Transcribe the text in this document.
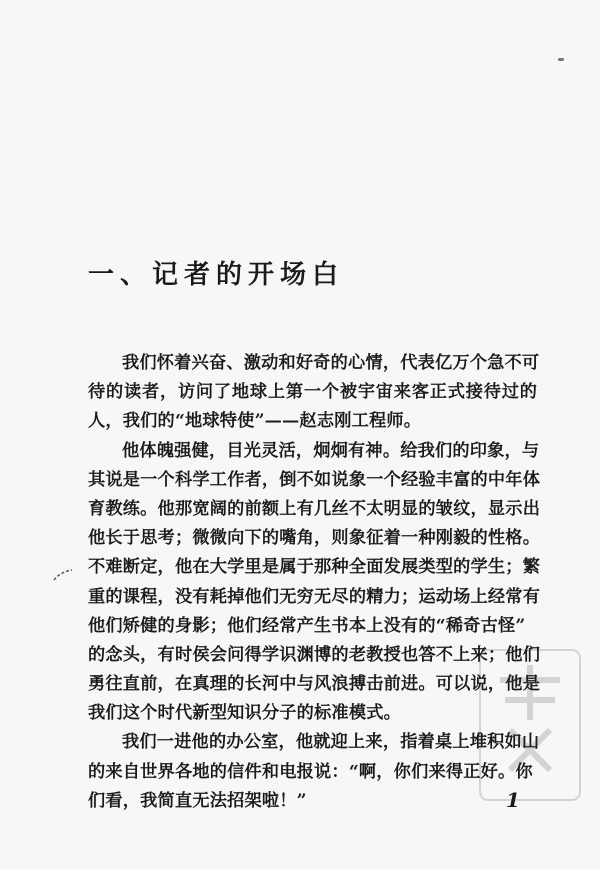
一、记者的开场白
我们怀着兴奋、激动和好奇的心情，代表亿万个急不可
待的读者，访问了地球上第一个被宇宙来客正式接待过的
人，我们的“地球特使”——赵志刚工程师。
他体魄强健，目光灵活，炯炯有神。给我们的印象，与
其说是一个科学工作者，倒不如说象一个经验丰富的中年体
育教练。他那宽阔的前额上有几丝不太明显的皱纹，显示出
他长于思考；微微向下的嘴角，则象征着一种刚毅的性格。
不难断定，他在大学里是属于那种全面发展类型的学生；繁
重的课程，没有耗掉他们无穷无尽的精力；运动场上经常有
他们矫健的身影；他们经常产生书本上没有的“稀奇古怪”
的念头，有时侯会问得学识渊博的老教授也答不上来；他们
勇往直前，在真理的长河中与风浪搏击前进。可以说，他是
我们这个时代新型知识分子的标准模式。
我们一进他的办公室，他就迎上来，指着桌上堆积如山
的来自世界各地的信件和电报说：“啊，你们来得正好。你
们看，我简直无法招架啦！”	1
